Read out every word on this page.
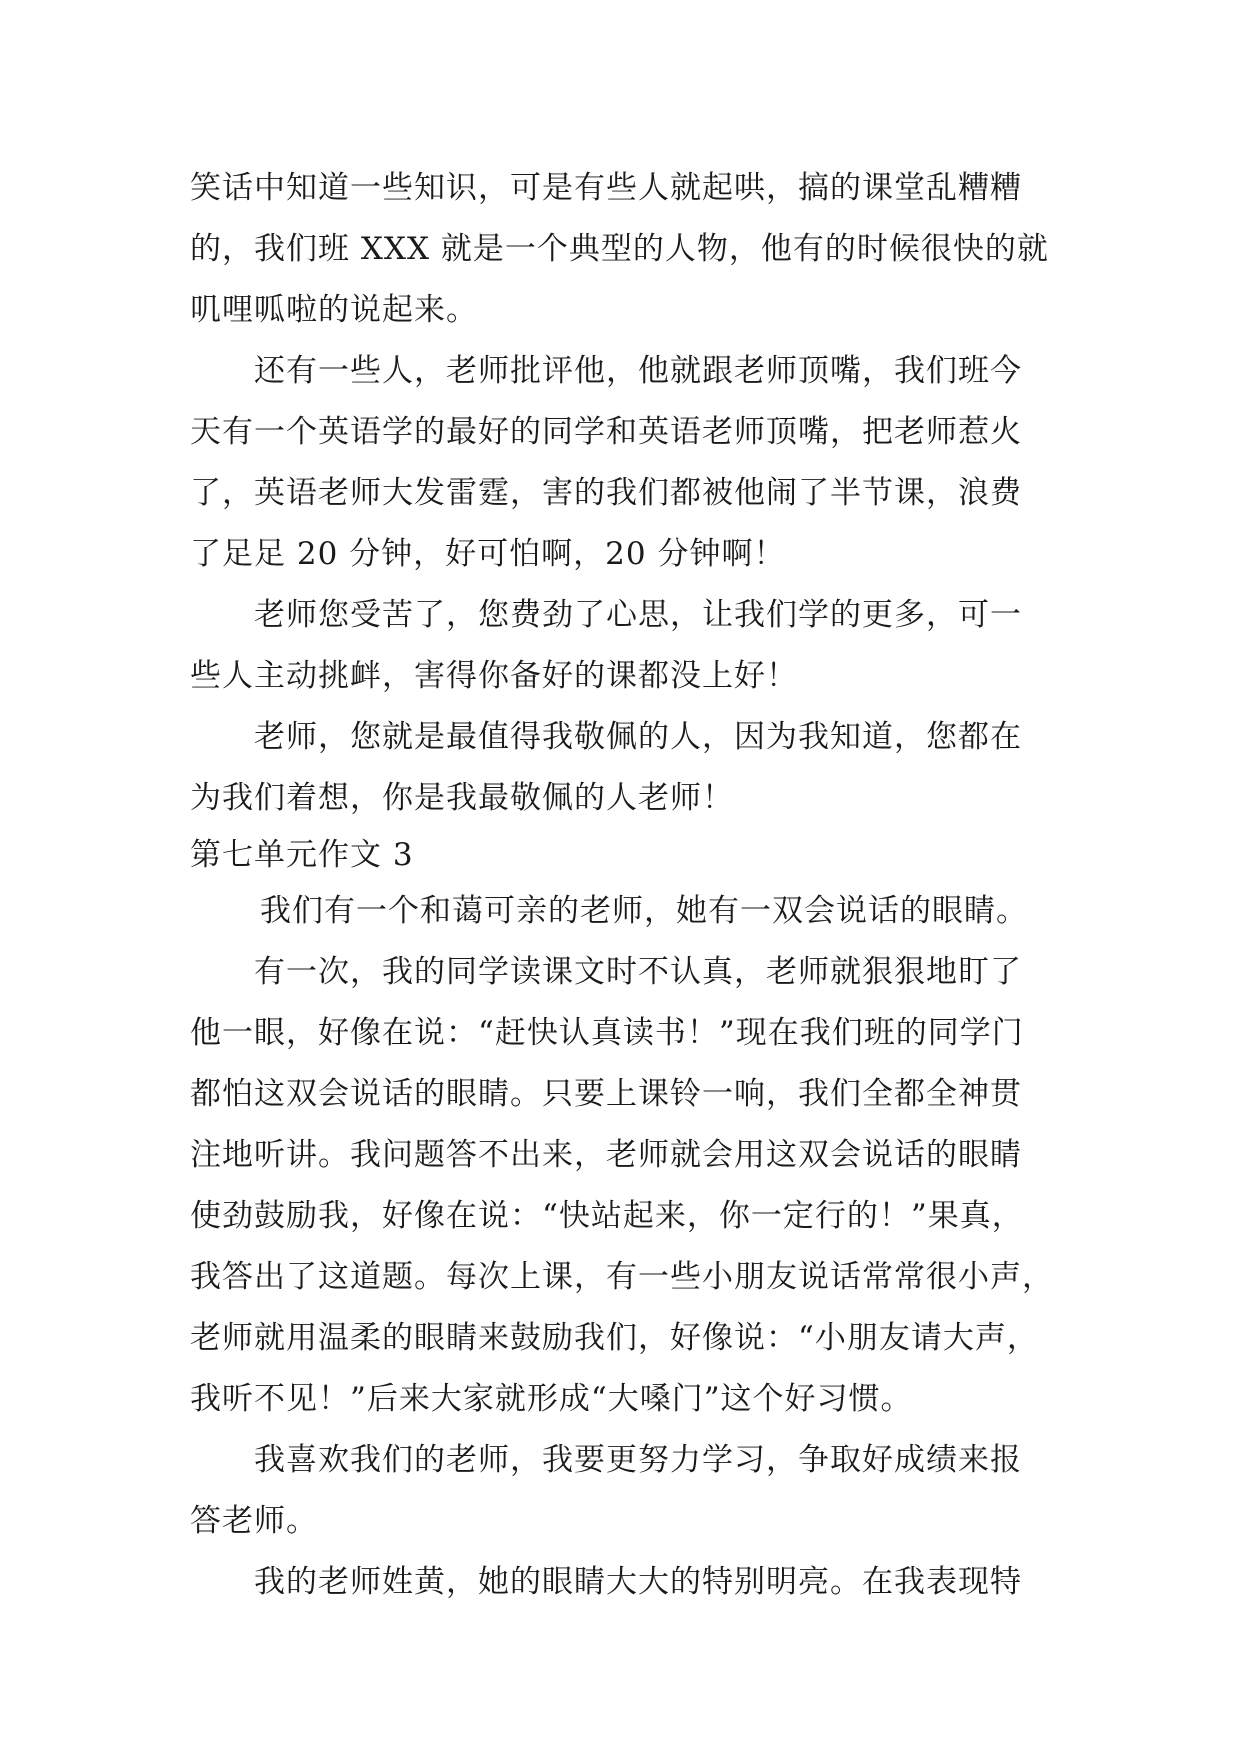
笑话中知道一些知识，可是有些人就起哄，搞的课堂乱糟糟
的，我们班 XXX 就是一个典型的人物，他有的时候很快的就
叽哩呱啦的说起来。
还有一些人，老师批评他，他就跟老师顶嘴，我们班今
天有一个英语学的最好的同学和英语老师顶嘴，把老师惹火
了，英语老师大发雷霆，害的我们都被他闹了半节课，浪费
了足足 20 分钟，好可怕啊，20 分钟啊！
老师您受苦了，您费劲了心思，让我们学的更多，可一
些人主动挑衅，害得你备好的课都没上好！
老师，您就是最值得我敬佩的人，因为我知道，您都在
为我们着想，你是我最敬佩的人老师！
第七单元作文 3
我们有一个和蔼可亲的老师，她有一双会说话的眼睛。
有一次，我的同学读课文时不认真，老师就狠狠地盯了
他一眼，好像在说：“赶快认真读书！”现在我们班的同学门
都怕这双会说话的眼睛。只要上课铃一响，我们全都全神贯
注地听讲。我问题答不出来，老师就会用这双会说话的眼睛
使劲鼓励我，好像在说：“快站起来，你一定行的！”果真，
我答出了这道题。每次上课，有一些小朋友说话常常很小声，
老师就用温柔的眼睛来鼓励我们，好像说：“小朋友请大声，
我听不见！”后来大家就形成“大嗓门”这个好习惯。
我喜欢我们的老师，我要更努力学习，争取好成绩来报
答老师。
我的老师姓黄，她的眼睛大大的特别明亮。在我表现特
